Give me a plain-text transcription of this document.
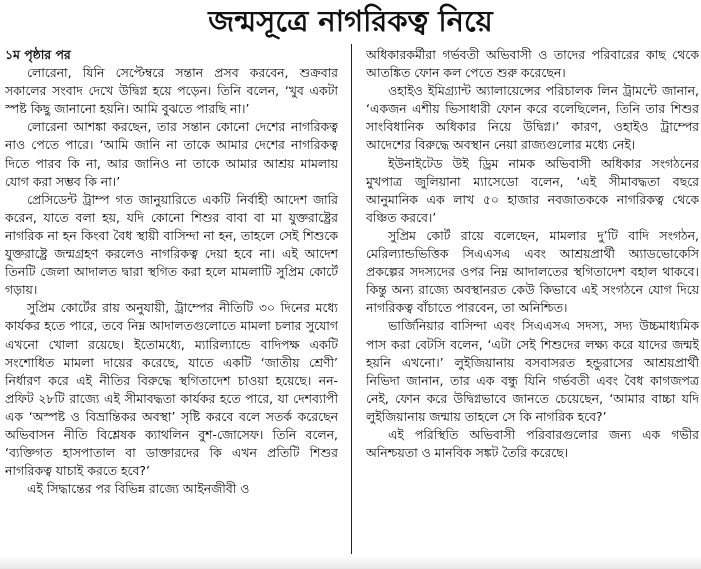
জন্মসূত্রে নাগরিকত্ব নিয়ে

১ম পৃষ্ঠার পর

লোরেনা, যিনি সেপ্টেম্বরে সন্তান প্রসব করবেন, শুক্রবার সকালের সংবাদ দেখে উদ্বিগ্ন হয়ে পড়েন। তিনি বলেন, ‘খুব একটা স্পষ্ট কিছু জানানো হয়নি। আমি বুঝতে পারছি না।’

লোরেনা আশঙ্কা করছেন, তার সন্তান কোনো দেশের নাগরিকত্ব নাও পেতে পারে। ‘আমি জানি না তাকে আমার দেশের নাগরিকত্ব দিতে পারব কি না, আর জানিও না তাকে আমার আশ্রয় মামলায় যোগ করা সম্ভব কি না।’

প্রেসিডেন্ট ট্রাম্প গত জানুয়ারিতে একটি নির্বাহী আদেশ জারি করেন, যাতে বলা হয়, যদি কোনো শিশুর বাবা বা মা যুক্তরাষ্ট্রের নাগরিক না হন কিংবা বৈধ স্থায়ী বাসিন্দা না হন, তাহলে সেই শিশুকে যুক্তরাষ্ট্রে জন্মগ্রহণ করলেও নাগরিকত্ব দেয়া হবে না। এই আদেশ তিনটি জেলা আদালত দ্বারা স্থগিত করা হলে মামলাটি সুপ্রিম কোর্টে গড়ায়।

সুপ্রিম কোর্টের রায় অনুযায়ী, ট্রাম্পের নীতিটি ৩০ দিনের মধ্যে কার্যকর হতে পারে, তবে নিম্ন আদালতগুলোতে মামলা চলার সুযোগ এখনো খোলা রয়েছে। ইতোমধ্যে, ম্যারিল্যান্ডে বাদিপক্ষ একটি সংশোধিত মামলা দায়ের করেছে, যাতে একটি ‘জাতীয় শ্রেণী’ নির্ধারণ করে এই নীতির বিরুদ্ধে স্থগিতাদেশ চাওয়া হয়েছে। নন-প্রফিট ২৮টি রাজ্যে এই সীমাবদ্ধতা কার্যকর হতে পারে, যা দেশব্যাপী এক ‘অস্পষ্ট ও বিভ্রান্তিকর অবস্থা’ সৃষ্টি করবে বলে সতর্ক করেছেন অভিবাসন নীতি বিশ্লেষক ক্যাথলিন বুশ-জোসেফ। তিনি বলেন, ‘ব্যক্তিগত হাসপাতাল বা ডাক্তারদের কি এখন প্রতিটি শিশুর নাগরিকত্ব যাচাই করতে হবে?’

এই সিদ্ধান্তের পর বিভিন্ন রাজ্যে আইনজীবী ও

অধিকারকর্মীরা গর্ভবতী অভিবাসী ও তাদের পরিবারের কাছ থেকে আতঙ্কিত ফোন কল পেতে শুরু করেছেন।

ওহাইও ইমিগ্র্যান্ট অ্যালায়েন্সের পরিচালক লিন ট্রামন্টে জানান, ‘একজন এশীয় ভিসাধারী ফোন করে বলেছিলেন, তিনি তার শিশুর সাংবিধানিক অধিকার নিয়ে উদ্বিগ্ন।’ কারণ, ওহাইও ট্রাম্পের আদেশের বিরুদ্ধে অবস্থান নেয়া রাজ্যগুলোর মধ্যে নেই।

ইউনাইটেড উই ড্রিম নামক অভিবাসী অধিকার সংগঠনের মুখপাত্র জুলিয়ানা ম্যাসেডো বলেন, ‘এই সীমাবদ্ধতা বছরে আনুমানিক এক লাখ ৫০ হাজার নবজাতককে নাগরিকত্ব থেকে বঞ্চিত করবে।’

সুপ্রিম কোর্ট রায়ে বলেছেন, মামলার দু’টি বাদি সংগঠন, মেরিল্যান্ডভিত্তিক সিএএসএ এবং আশ্রয়প্রার্থী অ্যাডভোকেসি প্রকল্পের সদস্যদের ওপর নিম্ন আদালতের স্থগিতাদেশ বহাল থাকবে। কিন্তু অন্য রাজ্যে অবস্থানরত কেউ কিভাবে এই সংগঠনে যোগ দিয়ে নাগরিকত্ব বাঁচাতে পারবেন, তা অনিশ্চিত।

ভার্জিনিয়ার বাসিন্দা এবং সিএএসএ সদস্য, সদ্য উচ্চমাধ্যমিক পাস করা বেটসি বলেন, ‘এটা সেই শিশুদের লক্ষ্য করে যাদের জন্মই হয়নি এখনো।’ লুইজিয়ানায় বসবাসরত হন্ডুরাসের আশ্রয়প্রার্থী নিভিদা জানান, তার এক বন্ধু যিনি গর্ভবতী এবং বৈধ কাগজপত্র নেই, ফোন করে উদ্বিগ্নভাবে জানতে চেয়েছেন, ‘আমার বাচ্চা যদি লুইজিয়ানায় জন্মায় তাহলে সে কি নাগরিক হবে?’

এই পরিস্থিতি অভিবাসী পরিবারগুলোর জন্য এক গভীর অনিশ্চয়তা ও মানবিক সঙ্কট তৈরি করেছে।
